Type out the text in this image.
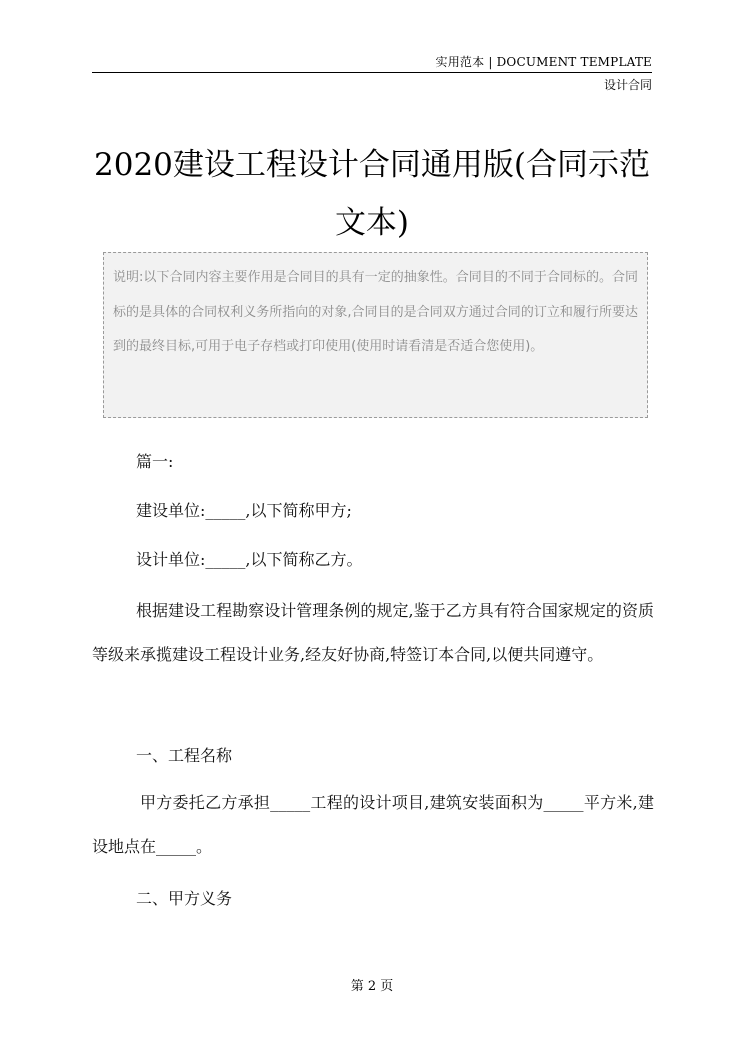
实用范本 | DOCUMENT TEMPLATE
设计合同
2020建设工程设计合同通用版(合同示范文本)
说明:以下合同内容主要作用是合同目的具有一定的抽象性。合同目的不同于合同标的。合同标的是具体的合同权利义务所指向的对象,合同目的是合同双方通过合同的订立和履行所要达到的最终目标,可用于电子存档或打印使用(使用时请看清是否适合您使用)。

篇一:

建设单位:_____,以下简称甲方;

设计单位:_____,以下简称乙方。

根据建设工程勘察设计管理条例的规定,鉴于乙方具有符合国家规定的资质等级来承揽建设工程设计业务,经友好协商,特签订本合同,以便共同遵守。

一、工程名称

甲方委托乙方承担_____工程的设计项目,建筑安装面积为_____平方米,建设地点在_____。

二、甲方义务

第 2 页
